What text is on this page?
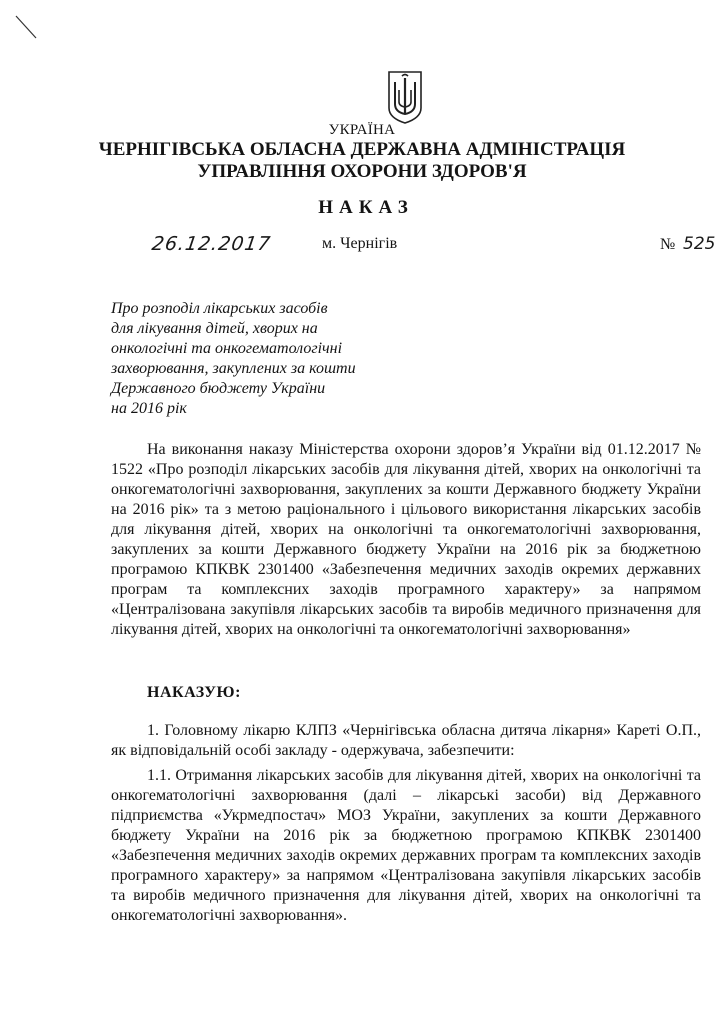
УКРАЇНА
ЧЕРНІГІВСЬКА ОБЛАСНА ДЕРЖАВНА АДМІНІСТРАЦІЯ
УПРАВЛІННЯ ОХОРОНИ ЗДОРОВ'Я
НАКАЗ
26.12.2017	м. Чернігів	№ 525
Про розподіл лікарських засобів
для лікування дітей, хворих на
онкологічні та онкогематологічні
захворювання, закуплених за кошти
Державного бюджету України
на 2016 рік

На виконання наказу Міністерства охорони здоров’я України від 01.12.2017 № 1522 «Про розподіл лікарських засобів для лікування дітей, хворих на онкологічні та онкогематологічні захворювання, закуплених за кошти Державного бюджету України на 2016 рік» та з метою раціонального і цільового використання лікарських засобів для лікування дітей, хворих на онкологічні та онкогематологічні захворювання, закуплених за кошти Державного бюджету України на 2016 рік за бюджетною програмою КПКВК 2301400 «Забезпечення медичних заходів окремих державних програм та комплексних заходів програмного характеру» за напрямом «Централізована закупівля лікарських засобів та виробів медичного призначення для лікування дітей, хворих на онкологічні та онкогематологічні захворювання»

НАКАЗУЮ:

1. Головному лікарю КЛПЗ «Чернігівська обласна дитяча лікарня» Кареті О.П., як відповідальній особі закладу - одержувача, забезпечити:

1.1. Отримання лікарських засобів для лікування дітей, хворих на онкологічні та онкогематологічні захворювання (далі – лікарські засоби) від Державного підприємства «Укрмедпостач» МОЗ України, закуплених за кошти Державного бюджету України на 2016 рік за бюджетною програмою КПКВК 2301400 «Забезпечення медичних заходів окремих державних програм та комплексних заходів програмного характеру» за напрямом «Централізована закупівля лікарських засобів та виробів медичного призначення для лікування дітей, хворих на онкологічні та онкогематологічні захворювання».
